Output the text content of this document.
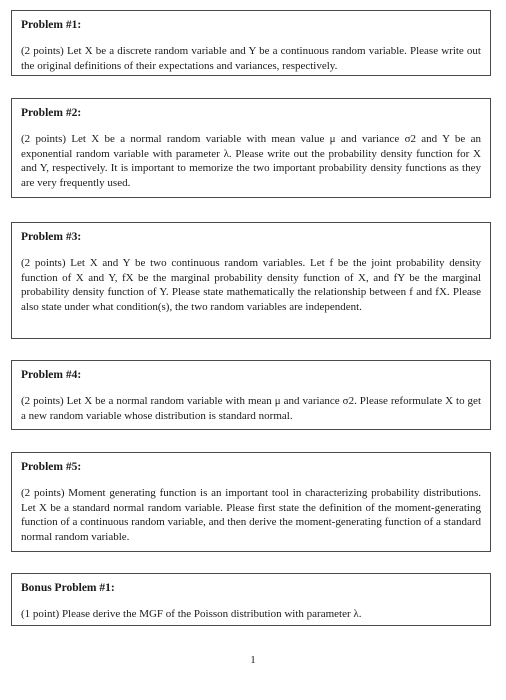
Problem #1:
(2 points) Let X be a discrete random variable and Y be a continuous random variable. Please write out the original definitions of their expectations and variances, respectively.
Problem #2:
(2 points) Let X be a normal random variable with mean value μ and variance σ2 and Y be an exponential random variable with parameter λ. Please write out the probability density function for X and Y, respectively. It is important to memorize the two important probability density functions as they are very frequently used.
Problem #3:
(2 points) Let X and Y be two continuous random variables. Let f be the joint probability density function of X and Y, fX be the marginal probability density function of X, and fY be the marginal probability density function of Y. Please state mathematically the relationship between f and fX. Please also state under what condition(s), the two random variables are independent.
Problem #4:
(2 points) Let X be a normal random variable with mean μ and variance σ2. Please reformulate X to get a new random variable whose distribution is standard normal.
Problem #5:
(2 points) Moment generating function is an important tool in characterizing probability distributions. Let X be a standard normal random variable. Please first state the definition of the moment-generating function of a continuous random variable, and then derive the moment-generating function of a standard normal random variable.
Bonus Problem #1:
(1 point) Please derive the MGF of the Poisson distribution with parameter λ.
1
